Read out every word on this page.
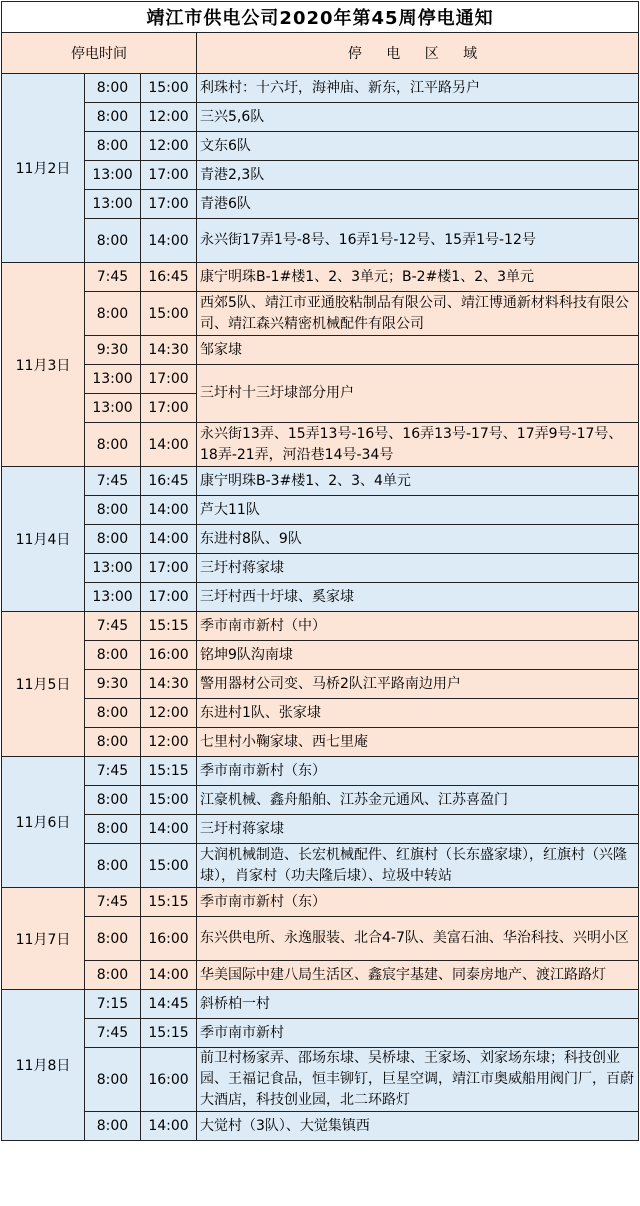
靖江市供电公司2020年第45周停电通知			
停电时间			停 电 区 域
11月2日	8:00	15:00	利珠村：十六圩，海神庙、新东，江平路另户
	8:00	12:00	三兴5,6队
	8:00	12:00	文东6队
	13:00	17:00	青港2,3队
	13:00	17:00	青港6队
	8:00	14:00	永兴街17弄1号-8号、16弄1号-12号、15弄1号-12号
11月3日	7:45	16:45	康宁明珠B-1#楼1、2、3单元；B-2#楼1、2、3单元
	8:00	15:00	西郊5队、靖江市亚通胶粘制品有限公司、靖江博通新材料科技有限公司、靖江森兴精密机械配件有限公司
	9:30	14:30	邹家埭
	13:00	17:00	三圩村十三圩埭部分用户
	13:00	17:00	
	8:00	14:00	永兴街13弄、15弄13号-16号、16弄13号-17号、17弄9号-17号、18弄-21弄，河沿巷14号-34号
11月4日	7:45	16:45	康宁明珠B-3#楼1、2、3、4单元
	8:00	14:00	芦大11队
	8:00	14:00	东进村8队、9队
	13:00	17:00	三圩村蒋家埭
	13:00	17:00	三圩村西十圩埭、奚家埭
11月5日	7:45	15:15	季市南市新村（中）
	8:00	16:00	铭坤9队沟南埭
	9:30	14:30	警用器材公司变、马桥2队江平路南边用户
	8:00	12:00	东进村1队、张家埭
	8:00	12:00	七里村小鞠家埭、西七里庵
11月6日	7:45	15:15	季市南市新村（东）
	8:00	15:00	江豪机械、鑫舟船舶、江苏金元通风、江苏喜盈门
	8:00	14:00	三圩村蒋家埭
	8:00	15:00	大润机械制造、长宏机械配件、红旗村（长东盛家埭），红旗村（兴隆埭），肖家村（功夫隆后埭）、垃圾中转站
11月7日	7:45	15:15	季市南市新村（东）
	8:00	16:00	东兴供电所、永逸服装、北合4-7队、美富石油、华治科技、兴明小区
	8:00	14:00	华美国际中建八局生活区、鑫宸宇基建、同泰房地产、渡江路路灯
11月8日	7:15	14:45	斜桥柏一村
	7:45	15:15	季市南市新村
	8:00	16:00	前卫村杨家弄、邵场东埭、吴桥埭、王家场、刘家场东埭；科技创业园、王福记食品，恒丰铆钉，巨星空调，靖江市奥威船用阀门厂，百蔚大酒店，科技创业园，北二环路灯
	8:00	14:00	大觉村（3队）、大觉集镇西
